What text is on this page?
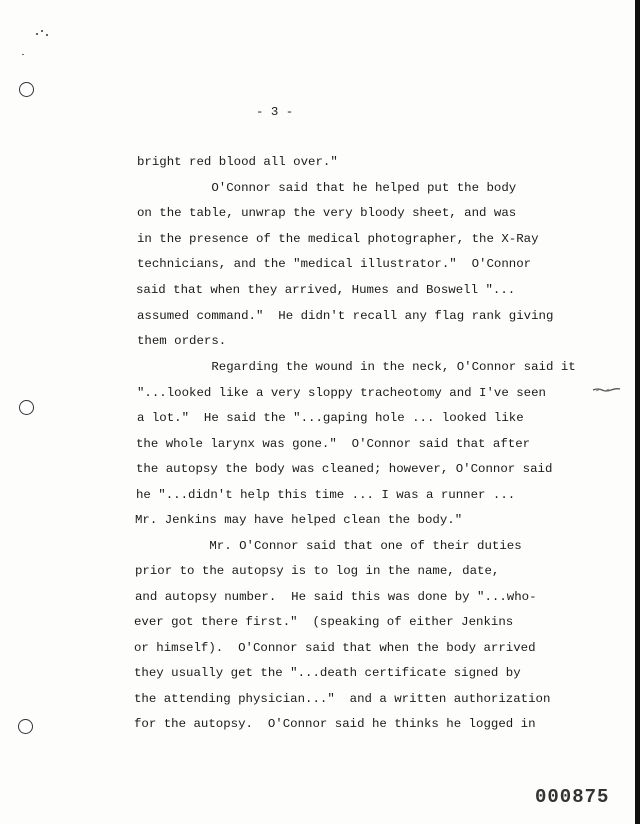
- 3 -
bright red blood all over."
O'Connor said that he helped put the body
on the table, unwrap the very bloody sheet, and was
in the presence of the medical photographer, the X-Ray
technicians, and the "medical illustrator."  O'Connor
said that when they arrived, Humes and Boswell "...
assumed command."  He didn't recall any flag rank giving
them orders.
Regarding the wound in the neck, O'Connor said it
"...looked like a very sloppy tracheotomy and I've seen
a lot."  He said the "...gaping hole ... looked like
the whole larynx was gone."  O'Connor said that after
the autopsy the body was cleaned; however, O'Connor said
he "...didn't help this time ... I was a runner ...
Mr. Jenkins may have helped clean the body."
Mr. O'Connor said that one of their duties
prior to the autopsy is to log in the name, date,
and autopsy number.  He said this was done by "...who-
ever got there first."  (speaking of either Jenkins
or himself).  O'Connor said that when the body arrived
they usually get the "...death certificate signed by
the attending physician..."  and a written authorization
for the autopsy.  O'Connor said he thinks he logged in
000875
